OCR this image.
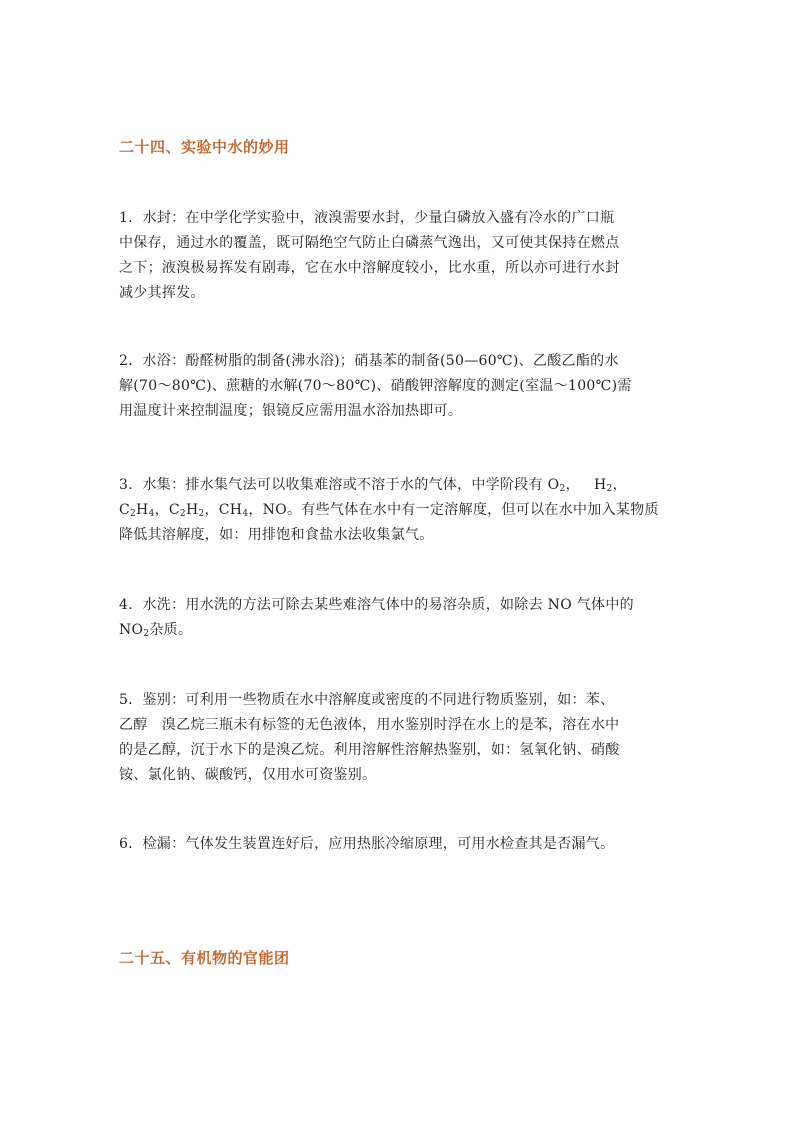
二十四、实验中水的妙用
1．水封：在中学化学实验中，液溴需要水封，少量白磷放入盛有冷水的广口瓶
中保存，通过水的覆盖，既可隔绝空气防止白磷蒸气逸出，又可使其保持在燃点
之下；液溴极易挥发有剧毒，它在水中溶解度较小，比水重，所以亦可进行水封
减少其挥发。
2．水浴：酚醛树脂的制备(沸水浴)；硝基苯的制备(50—60℃)、乙酸乙酯的水
解(70～80℃)、蔗糖的水解(70～80℃)、硝酸钾溶解度的测定(室温～100℃)需
用温度计来控制温度；银镜反应需用温水浴加热即可。
3．水集：排水集气法可以收集难溶或不溶于水的气体，中学阶段有 $O_2$，   $H_2$，
$C_2H_4$，$C_2H_2$，$CH_4$，NO。有些气体在水中有一定溶解度，但可以在水中加入某物质
降低其溶解度，如：用排饱和食盐水法收集氯气。
4．水洗：用水洗的方法可除去某些难溶气体中的易溶杂质，如除去 NO 气体中的
$NO_2$杂质。
5．鉴别：可利用一些物质在水中溶解度或密度的不同进行物质鉴别，如：苯、
乙醇   溴乙烷三瓶未有标签的无色液体，用水鉴别时浮在水上的是苯，溶在水中
的是乙醇，沉于水下的是溴乙烷。利用溶解性溶解热鉴别，如：氢氧化钠、硝酸
铵、氯化钠、碳酸钙，仅用水可资鉴别。
6．检漏：气体发生装置连好后，应用热胀冷缩原理，可用水检查其是否漏气。
二十五、有机物的官能团
